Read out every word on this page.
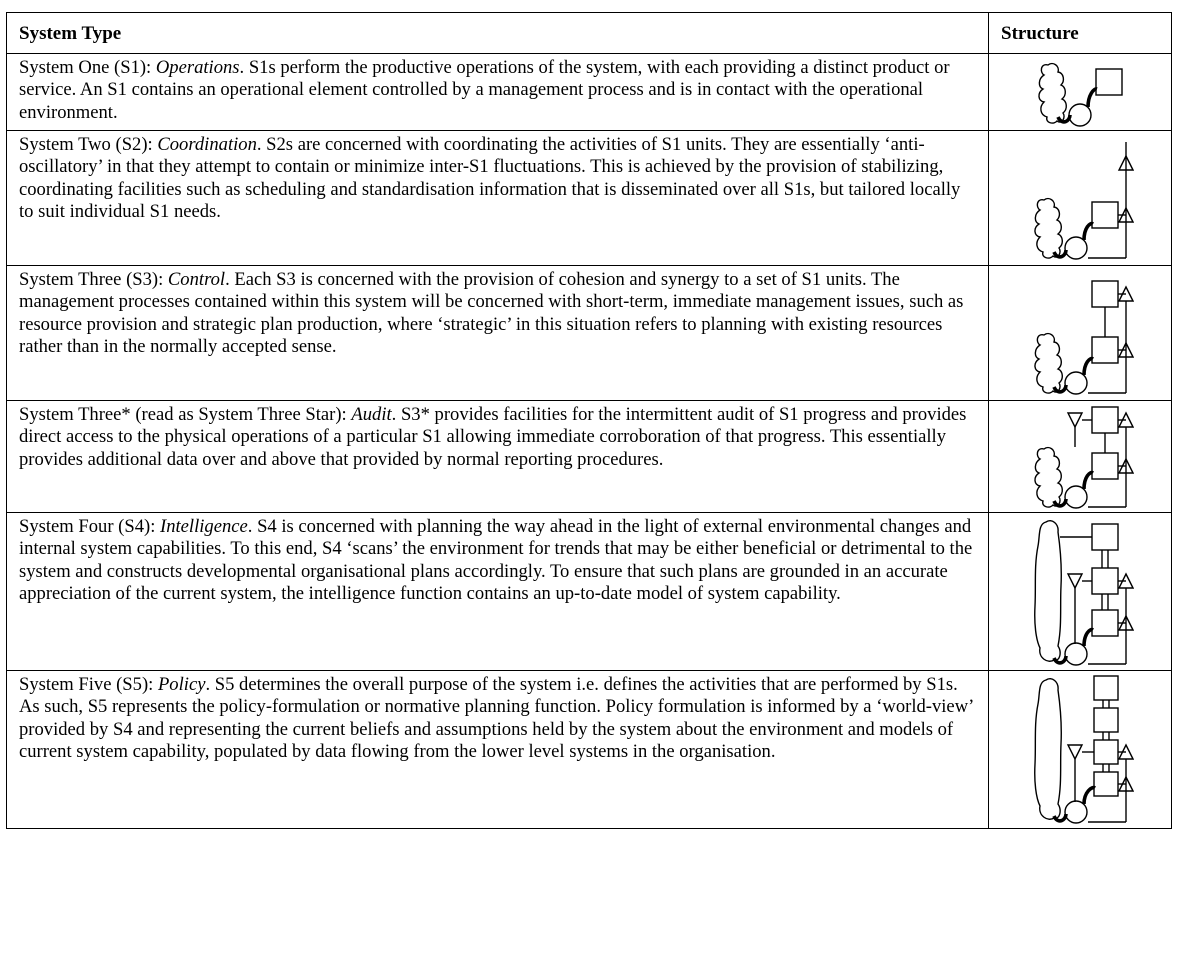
System Type	Structure
System One (S1): Operations. S1s perform the productive operations of the system, with each providing a distinct product or service. An S1 contains an operational element controlled by a management process and is in contact with the operational environment.	

System Two (S2): Coordination. S2s are concerned with coordinating the activities of S1 units. They are essentially ‘anti-oscillatory’ in that they attempt to contain or minimize inter-S1 fluctuations. This is achieved by the provision of stabilizing, coordinating facilities such as scheduling and standardisation information that is disseminated over all S1s, but tailored locally to suit individual S1 needs.	

System Three (S3): Control. Each S3 is concerned with the provision of cohesion and synergy to a set of S1 units. The management processes contained within this system will be concerned with short-term, immediate management issues, such as resource provision and strategic plan production, where ‘strategic’ in this situation refers to planning with existing resources rather than in the normally accepted sense.	

System Three* (read as System Three Star): Audit. S3* provides facilities for the intermittent audit of S1 progress and provides direct access to the physical operations of a particular S1 allowing immediate corroboration of that progress. This essentially provides additional data over and above that provided by normal reporting procedures.	

System Four (S4): Intelligence. S4 is concerned with planning the way ahead in the light of external environmental changes and internal system capabilities. To this end, S4 ‘scans’ the environment for trends that may be either beneficial or detrimental to the system and constructs developmental organisational plans accordingly. To ensure that such plans are grounded in an accurate appreciation of the current system, the intelligence function contains an up-to-date model of system capability.	

System Five (S5): Policy. S5 determines the overall purpose of the system i.e. defines the activities that are performed by S1s. As such, S5 represents the policy-formulation or normative planning function. Policy formulation is informed by a ‘world-view’ provided by S4 and representing the current beliefs and assumptions held by the system about the environment and models of current system capability, populated by data flowing from the lower level systems in the organisation.	
